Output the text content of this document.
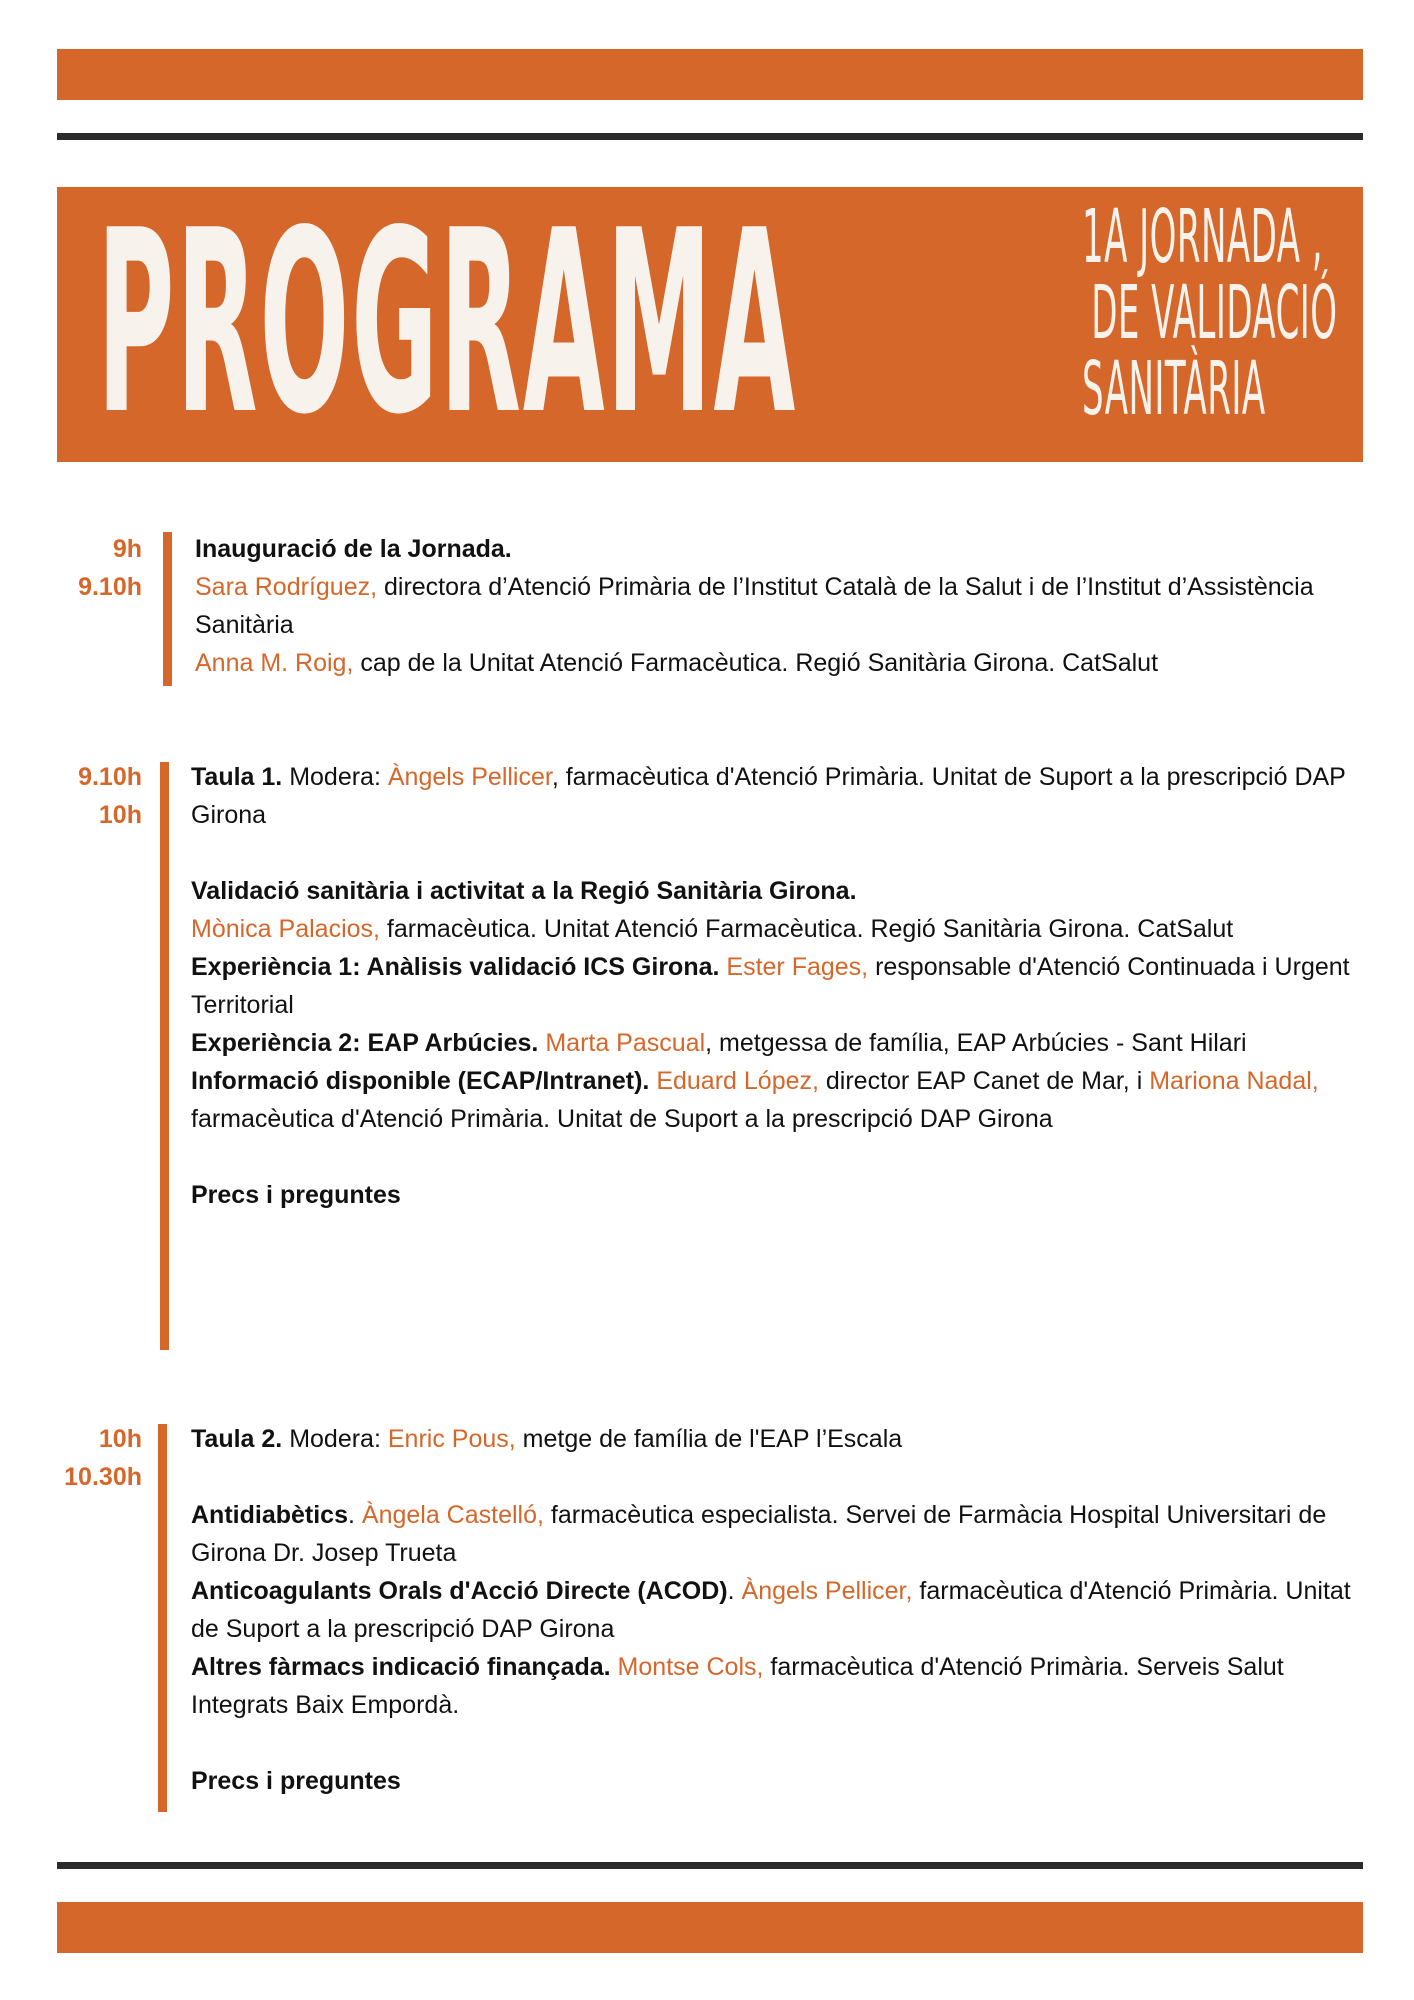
PROGRAMA	1A JORNADA ,
DE VALIDACIÓ
SANITÀRIA
9h
9.10h

Inauguració de la Jornada.

Sara Rodríguez, directora d’Atenció Primària de l’Institut Català de la Salut i de l’Institut d’Assistència Sanitària

Anna M. Roig, cap de la Unitat Atenció Farmacèutica. Regió Sanitària Girona. CatSalut

9.10h
10h

Taula 1. Modera: Àngels Pellicer, farmacèutica d'Atenció Primària. Unitat de Suport a la prescripció DAP Girona

Validació sanitària i activitat a la Regió Sanitària Girona.

Mònica Palacios, farmacèutica. Unitat Atenció Farmacèutica. Regió Sanitària Girona. CatSalut

Experiència 1: Anàlisis validació ICS Girona. Ester Fages, responsable d'Atenció Continuada i Urgent Territorial

Experiència 2: EAP Arbúcies. Marta Pascual, metgessa de família, EAP Arbúcies - Sant Hilari

Informació disponible (ECAP/Intranet). Eduard López, director EAP Canet de Mar, i Mariona Nadal, farmacèutica d'Atenció Primària. Unitat de Suport a la prescripció DAP Girona

Precs i preguntes

10h
10.30h

Taula 2. Modera: Enric Pous, metge de família de l'EAP l’Escala

Antidiabètics. Àngela Castelló, farmacèutica especialista. Servei de Farmàcia Hospital Universitari de Girona Dr. Josep Trueta

Anticoagulants Orals d'Acció Directe (ACOD). Àngels Pellicer, farmacèutica d'Atenció Primària. Unitat de Suport a la prescripció DAP Girona

Altres fàrmacs indicació finançada. Montse Cols, farmacèutica d'Atenció Primària. Serveis Salut Integrats Baix Empordà.

Precs i preguntes
